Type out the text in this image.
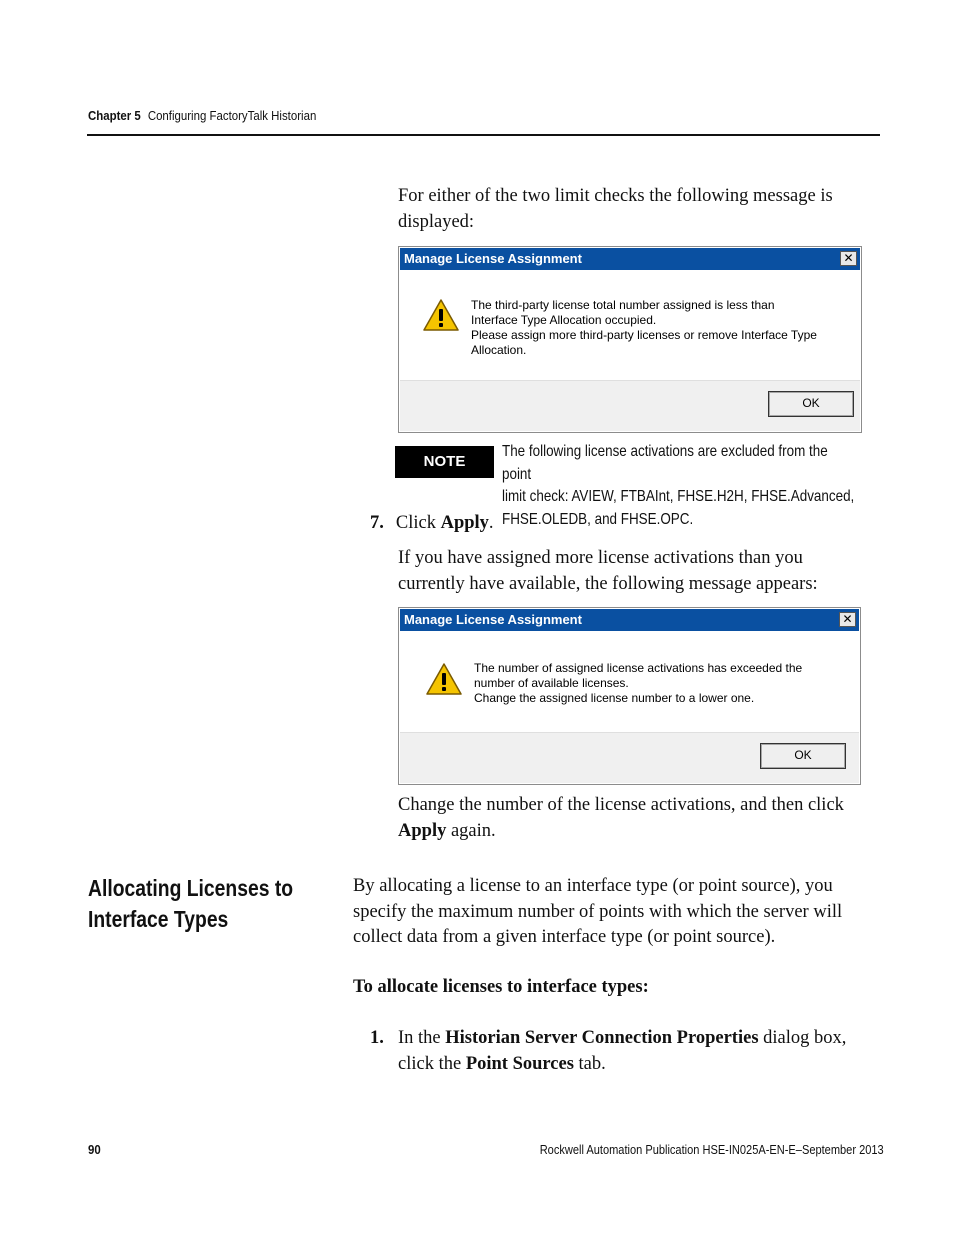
Chapter 5 Configuring FactoryTalk Historian
For either of the two limit checks the following message is
displayed:
Manage License Assignment	✕
The third-party license total number assigned is less than
Interface Type Allocation occupied.
Please assign more third-party licenses or remove Interface Type
Allocation.
OK
NOTE
The following license activations are excluded from the point
limit check: AVIEW, FTBAInt, FHSE.H2H, FHSE.Advanced,
FHSE.OLEDB, and FHSE.OPC.
7. Click Apply.
If you have assigned more license activations than you
currently have available, the following message appears:
Manage License Assignment	✕
The number of assigned license activations has exceeded the
number of available licenses.
Change the assigned license number to a lower one.
OK
Change the number of the license activations, and then click
Apply again.
Allocating Licenses to
Interface Types
By allocating a license to an interface type (or point source), you
specify the maximum number of points with which the server will
collect data from a given interface type (or point source).
To allocate licenses to interface types:
1. In the Historian Server Connection Properties dialog box,
click the Point Sources tab.
90	Rockwell Automation Publication HSE-IN025A-EN-E–September 2013
